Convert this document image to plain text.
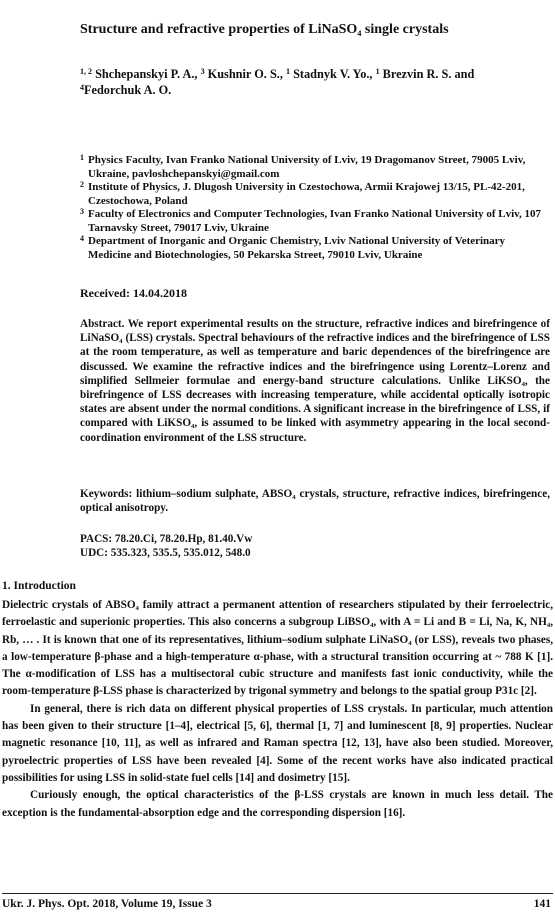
Structure and refractive properties of LiNaSO₄ single crystals
$^{1, 2}$ Shchepanskyi P. A., $^3$ Kushnir O. S., $^1$ Stadnyk V. Yo., $^1$ Brezvin R. S. and
$^4$Fedorchuk A. O.
1 Physics Faculty, Ivan Franko National University of Lviv, 19 Dragomanov Street, 79005 Lviv, Ukraine, pavloshchepanskyi@gmail.com
2 Institute of Physics, J. Dlugosh University in Czestochowa, Armii Krajowej 13/15, PL-42-201, Czestochowa, Poland
3 Faculty of Electronics and Computer Technologies, Ivan Franko National University of Lviv, 107 Tarnavsky Street, 79017 Lviv, Ukraine
4 Department of Inorganic and Organic Chemistry, Lviv National University of Veterinary Medicine and Biotechnologies, 50 Pekarska Street, 79010 Lviv, Ukraine
Received: 14.04.2018
Abstract. We report experimental results on the structure, refractive indices and birefringence of LiNaSO₄ (LSS) crystals. Spectral behaviours of the refractive indices and the birefringence of LSS at the room temperature, as well as temperature and baric dependences of the birefringence are discussed. We examine the refractive indices and the birefringence using Lorentz–Lorenz and simplified Sellmeier formulae and energy-band structure calculations. Unlike LiKSO₄, the birefringence of LSS decreases with increasing temperature, while accidental optically isotropic states are absent under the normal conditions. A significant increase in the birefringence of LSS, if compared with LiKSO₄, is assumed to be linked with asymmetry appearing in the local second-coordination environment of the LSS structure.
Keywords: lithium–sodium sulphate, ABSO₄ crystals, structure, refractive indices, birefringence, optical anisotropy.
PACS: 78.20.Ci, 78.20.Hp, 81.40.Vw
UDC: 535.323, 535.5, 535.012, 548.0
1. Introduction

Dielectric crystals of ABSO₄ family attract a permanent attention of researchers stipulated by their ferroelectric, ferroelastic and superionic properties. This also concerns a subgroup LiBSO₄, with A = Li and B = Li, Na, K, NH₄, Rb, … . It is known that one of its representatives, lithium–sodium sulphate LiNaSO₄ (or LSS), reveals two phases, a low-temperature β-phase and a high-temperature α-phase, with a structural transition occurring at ~ 788 K [1]. The α-modification of LSS has a multisectoral cubic structure and manifests fast ionic conductivity, while the room-temperature β-LSS phase is characterized by trigonal symmetry and belongs to the spatial group P31c [2].

In general, there is rich data on different physical properties of LSS crystals. In particular, much attention has been given to their structure [1–4], electrical [5, 6], thermal [1, 7] and luminescent [8, 9] properties. Nuclear magnetic resonance [10, 11], as well as infrared and Raman spectra [12, 13], have also been studied. Moreover, pyroelectric properties of LSS have been revealed [4]. Some of the recent works have also indicated practical possibilities for using LSS in solid-state fuel cells [14] and dosimetry [15].

Curiously enough, the optical characteristics of the β-LSS crystals are known in much less detail. The exception is the fundamental-absorption edge and the corresponding dispersion [16].

Ukr. J. Phys. Opt. 2018, Volume 19, Issue 3	141
